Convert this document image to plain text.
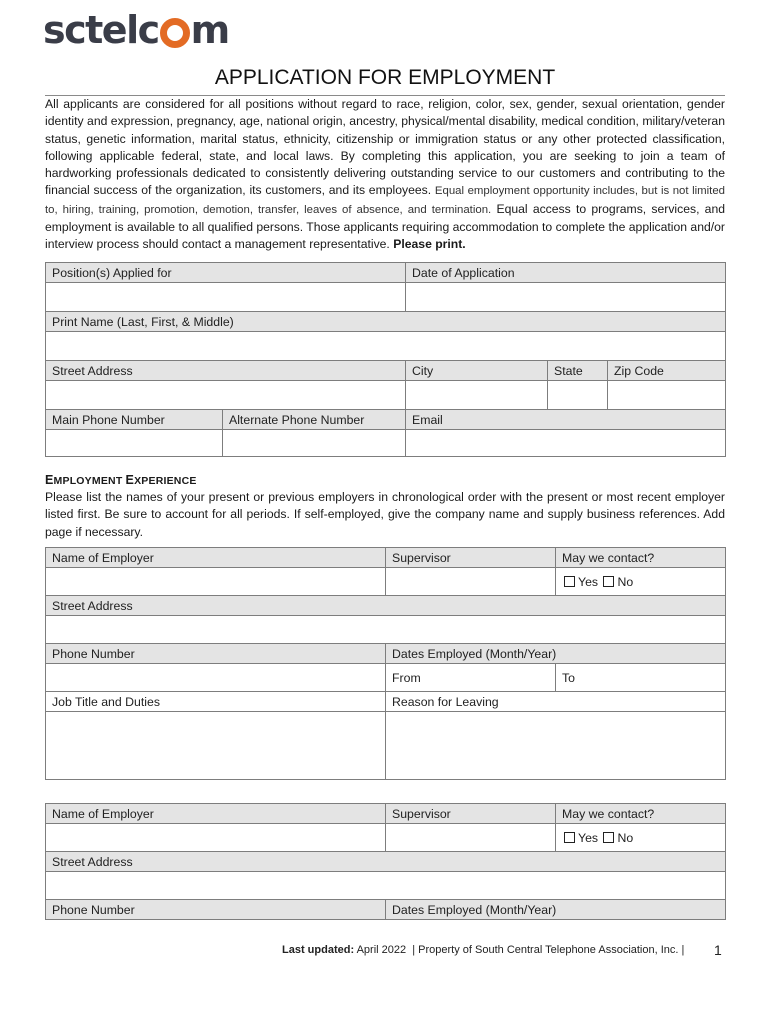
sctelc m
APPLICATION FOR EMPLOYMENT
All applicants are considered for all positions without regard to race, religion, color, sex, gender, sexual orientation, gender identity and expression, pregnancy, age, national origin, ancestry, physical/mental disability, medical condition, military/veteran status, genetic information, marital status, ethnicity, citizenship or immigration status or any other protected classification, following applicable federal, state, and local laws. By completing this application, you are seeking to join a team of hardworking professionals dedicated to consistently delivering outstanding service to our customers and contributing to the financial success of the organization, its customers, and its employees. Equal employment opportunity includes, but is not limited to, hiring, training, promotion, demotion, transfer, leaves of absence, and termination. Equal access to programs, services, and employment is available to all qualified persons. Those applicants requiring accommodation to complete the application and/or interview process should contact a management representative. Please print.
Position(s) Applied for		Date of Application		

Print Name (Last, First, & Middle)				

Street Address		City	State	Zip Code

Main Phone Number	Alternate Phone Number	Email		

EMPLOYMENT EXPERIENCE
Please list the names of your present or previous employers in chronological order with the present or most recent employer listed first. Be sure to account for all periods. If self-employed, give the company name and supply business references. Add page if necessary.
Name of Employer	Supervisor	May we contact?
		Yes No
Street Address		

Phone Number	Dates Employed (Month/Year)	
	From	To
Job Title and Duties	Reason for Leaving	

Name of Employer	Supervisor	May we contact?
		Yes No
Street Address		

Phone Number	Dates Employed (Month/Year)	
Last updated: April 2022 | Property of South Central Telephone Association, Inc. | 1
